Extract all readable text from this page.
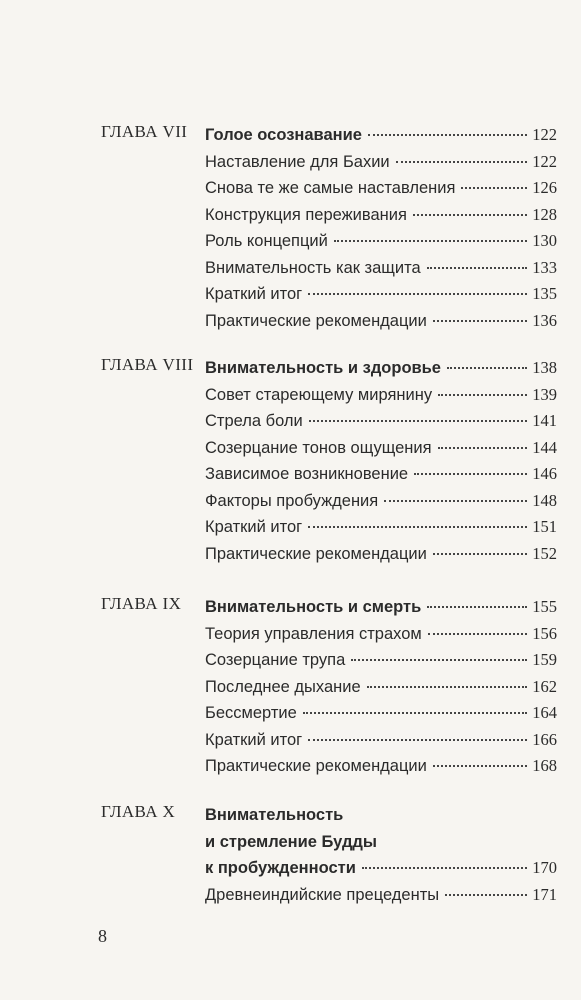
ГЛАВА VII Голое осознавание	122
Наставление для Бахии	122
Снова те же самые наставления	126
Конструкция переживания	128
Роль концепций	130
Внимательность как защита	133
Краткий итог	135
Практические рекомендации	136
ГЛАВА VIII Внимательность и здоровье	138
Совет стареющему мирянину	139
Стрела боли	141
Созерцание тонов ощущения	144
Зависимое возникновение	146
Факторы пробуждения	148
Краткий итог	151
Практические рекомендации	152
ГЛАВА IX Внимательность и смерть	155
Теория управления страхом	156
Созерцание трупа	159
Последнее дыхание	162
Бессмертие	164
Краткий итог	166
Практические рекомендации	168
ГЛАВА X Внимательность
и стремление Будды
к пробужденности	170
Древнеиндийские прецеденты	171
8
